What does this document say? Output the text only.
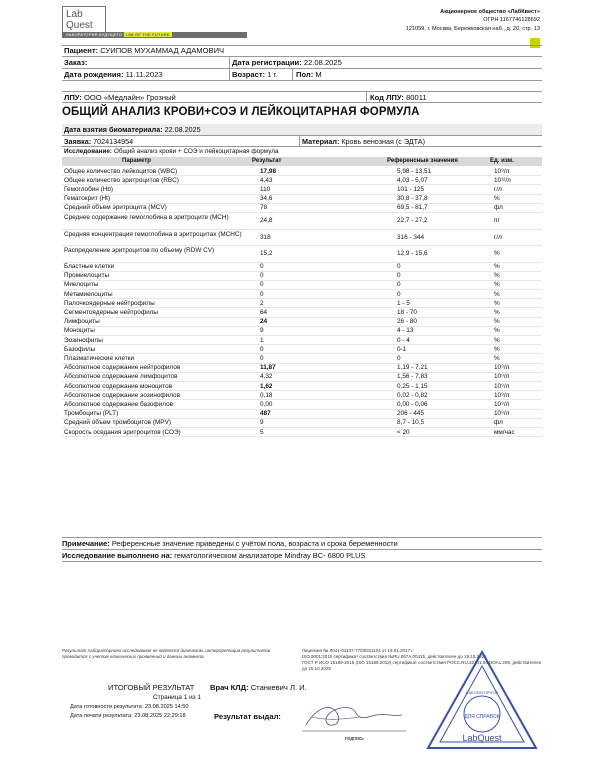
Lab
Quest
ЛАБОРАТОРИЯ БУДУЩЕГО LAB OF THE FUTURE
Акционерное общество «ЛабКвест»
ОГРН 1167746128692
121059, г. Москва, Бережковская наб., д. 20, стр. 13
Пациент: СУИПОВ МУХАММАД АДАМОВИЧ
Заказ:	Дата регистрации: 22.08.2025
Дата рождения: 11.11.2023	Возраст: 1 г. Пол: М
ЛПУ: ООО «Медлайн» Грозный	Код ЛПУ: 80011
ОБЩИЙ АНАЛИЗ КРОВИ+СОЭ И ЛЕЙКОЦИТАРНАЯ ФОРМУЛА
Дата взятия биоматериала: 22.08.2025
Заявка: 7024134954	Материал: Кровь венозная (с ЭДТА)
Исследование: Общий анализ крови + СОЭ и лейкоцитарная формула
Параметр	Результат	Референсные значения	Ед. изм.
Общее количество лейкоцитов (WBC)	17,98	5,98 - 13,51	10⁹/л
Общее количество эритроцитов (RBC)	4,43	4,03 - 5,07	10¹²/л
Гемоглобин (Hb)	110	101 - 125	г/л
Гематокрит (Ht)	34,6	30,8 - 37,8	%
Средний объем эритроцита (MCV)	78	69,5 - 81,7	фл
Среднее содержание гемоглобина в эритроците (MCH)	24,8	22,7 - 27,2	пг
Средняя концентрация гемоглобина в эритроцитах (MCHC)	318	316 - 344	г/л
Распределение эритроцитов по объему (RDW CV)	15,2	12,9 - 15,6	%
Бластные клетки	0	0	%
Промиелоциты	0	0	%
Миелоциты	0	0	%
Метамиелоциты	0	0	%
Палочкоядерные нейтрофилы	2	1 - 5	%
Сегментоядерные нейтрофилы	64	18 - 70	%
Лимфоциты	24	26 - 80	%
Моноциты	9	4 - 13	%
Эозинофилы	1	0 - 4	%
Базофилы	0	0-1	%
Плазматические клетки	0	0	%
Абсолютное содержание нейтрофилов	11,87	1,19 - 7,21	10⁹/л
Абсолютное содержание лимфоцитов	4,32	1,56 - 7,83	10⁹/л
Абсолютное содержание моноцитов	1,62	0,25 - 1,15	10⁹/л
Абсолютное содержание эозинофилов	0,18	0,02 - 0,82	10⁹/л
Абсолютное содержание базофилов	0,00	0,00 - 0,06	10⁹/л
Тромбоциты (PLT)	487	206 - 445	10⁹/л
Средний объем тромбоцитов (MPV)	9	8,7 - 10,5	фл
Скорость оседания эритроцитов (СОЭ)	5	< 20	мм/час
Примечание: Референсные значение приведены с учётом пола, возраста и срока беременности
Исследование выполнено на: гематологическом анализаторе Mindray BC- 6800 PLUS
Результат лабораторного исследования не является диагнозом, интерпретация результатов проводится с учетом клинических проявлений и данных анамнеза.
Лицензия № Л041-01137-77/00311104 от 19.01.2017 г.
ISO 9001:2015 сертификат соответствия №RU.067А.00415, действителен до 19.10.2025
ГОСТ Р ИСО 15189-2015 (ISO 15189:2012) сертификат соответствия РОСС RU.32101.04ЮОА1.209, действителен до 20.10.2025
ИТОГОВЫЙ РЕЗУЛЬТАТ Врач КЛД: Станкевич Л. И.
Страница 1 из 1
Дата готовности результата: 23.08.2025 14:50
Дата печати результата: 23.08.2025 22:29:18	Результат выдал:
подпись
ЛАБОРАТОРНОЕ
ДЛЯ СПРАВОК
LabQuest
